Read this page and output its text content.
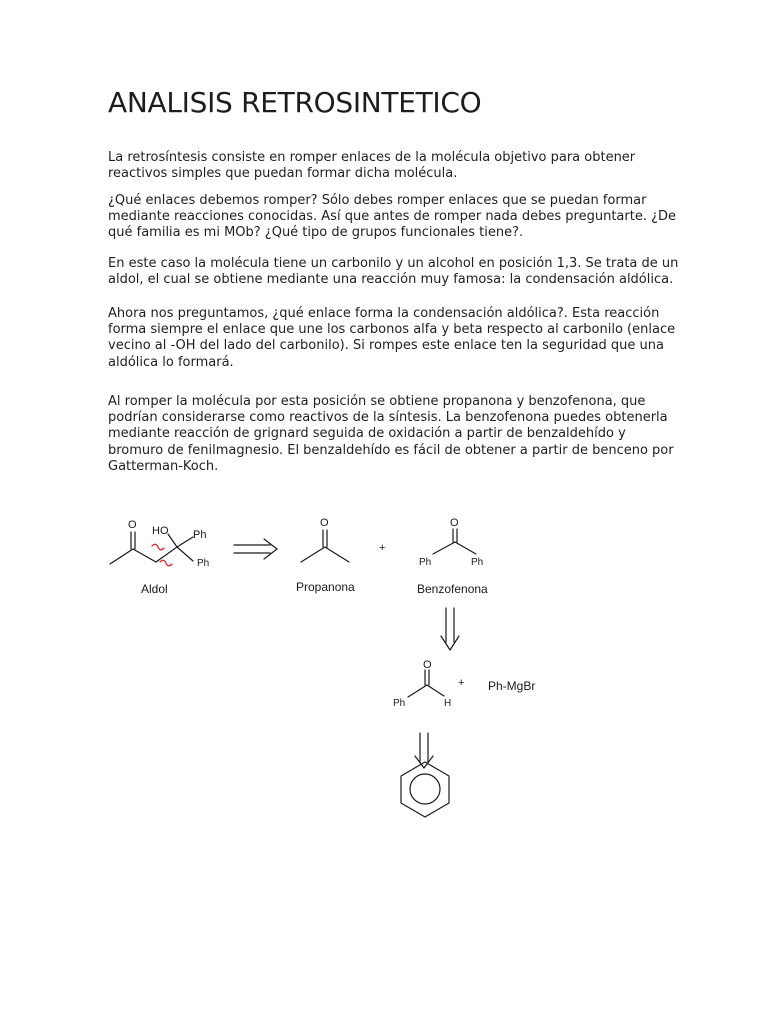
ANALISIS RETROSINTETICO

La retrosíntesis consiste en romper enlaces de la molécula objetivo para obtener
reactivos simples que puedan formar dicha molécula.

¿Qué enlaces debemos romper? Sólo debes romper enlaces que se puedan formar
mediante reacciones conocidas. Así que antes de romper nada debes preguntarte. ¿De
qué familia es mi MOb? ¿Qué tipo de grupos funcionales tiene?.

En este caso la molécula tiene un carbonilo y un alcohol en posición 1,3. Se trata de un
aldol, el cual se obtiene mediante una reacción muy famosa: la condensación aldólica.

Ahora nos preguntamos, ¿qué enlace forma la condensación aldólica?. Esta reacción
forma siempre el enlace que une los carbonos alfa y beta respecto al carbonilo (enlace
vecino al -OH del lado del carbonilo). Si rompes este enlace ten la seguridad que una
aldólica lo formará.

Al romper la molécula por esta posición se obtiene propanona y benzofenona, que
podrían considerarse como reactivos de la síntesis. La benzofenona puedes obtenerla
mediante reacción de grignard seguida de oxidación a partir de benzaldehído y
bromuro de fenilmagnesio. El benzaldehído es fácil de obtener a partir de benceno por
Gatterman-Koch.

O HO Ph
Ph
Aldol
+
O
Propanona
O
Ph	Ph
Benzofenona
O
Ph	H
+ Ph-MgBr
